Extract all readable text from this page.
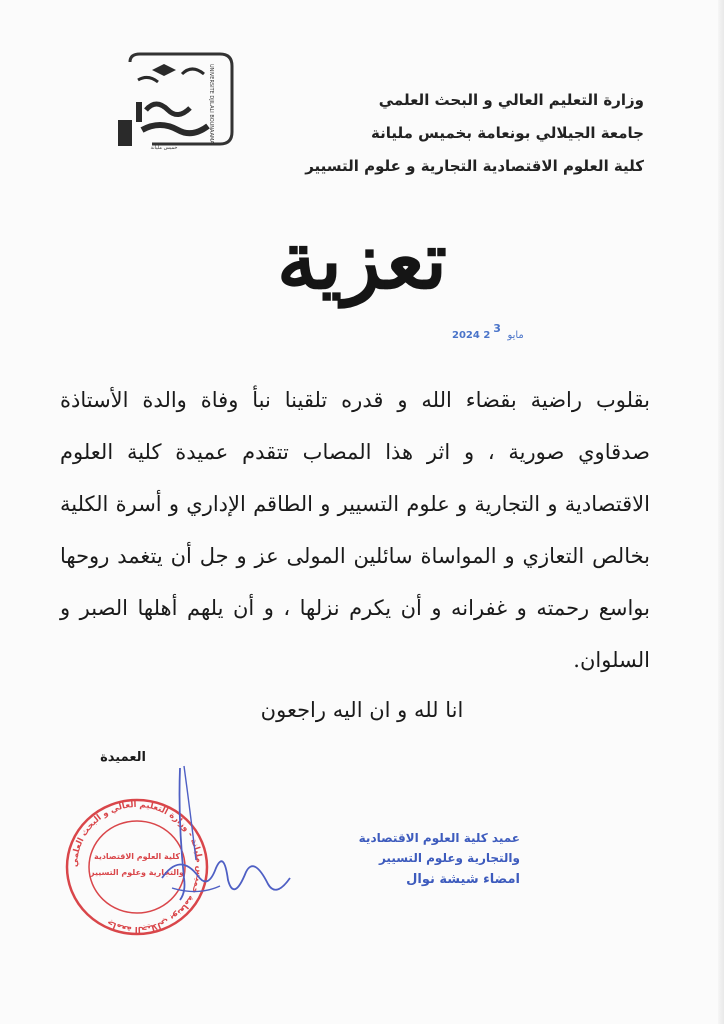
UNIVERSITE DJILALI BOUNAAMA
خميس مليانة
وزارة التعليم العالي و البحث العلمي
جامعة الجيلالي بونعامة بخميس مليانة
كلية العلوم الاقتصادية التجارية و علوم التسيير
تعزية
2024	مايو 23
بقلوب راضية بقضاء الله و قدره تلقينا نبأ وفاة والدة الأستاذة صدقاوي صورية ، و اثر هذا المصاب تتقدم عميدة كلية العلوم الاقتصادية و التجارية و علوم التسيير و الطاقم الإداري و أسرة الكلية بخالص التعازي و المواساة سائلين المولى عز و جل أن يتغمد روحها بواسع رحمته و غفرانه و أن يكرم نزلها ، و أن يلهم أهلها الصبر و السلوان.
انا لله و ان اليه راجعون
العميدة
جامعة الجيلالي بونعامة خميس مليانة - وزارة التعليم العالي و البحث العلمي
كلية العلوم الاقتصادية
والتجارية وعلوم التسيير
عميد كلية العلوم الاقتصادية
والتجارية وعلوم التسيير
امضاء شيشة نوال
